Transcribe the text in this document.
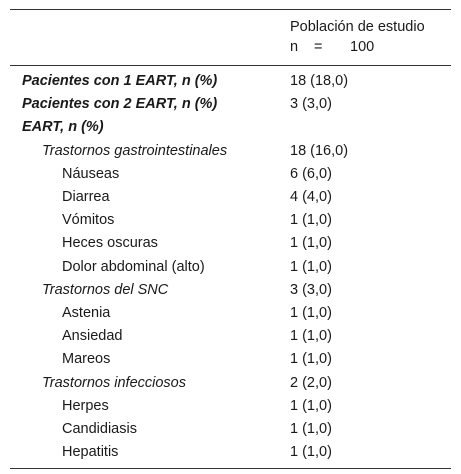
	Población de estudio
n = 100

Pacientes con 1 EART, n (%)	18 (18,0)
Pacientes con 2 EART, n (%)	3 (3,0)
EART, n (%)	
Trastornos gastrointestinales	18 (16,0)
Náuseas	6 (6,0)
Diarrea	4 (4,0)
Vómitos	1 (1,0)
Heces oscuras	1 (1,0)
Dolor abdominal (alto)	1 (1,0)
Trastornos del SNC	3 (3,0)
Astenia	1 (1,0)
Ansiedad	1 (1,0)
Mareos	1 (1,0)
Trastornos infecciosos	2 (2,0)
Herpes	1 (1,0)
Candidiasis	1 (1,0)
Hepatitis	1 (1,0)
